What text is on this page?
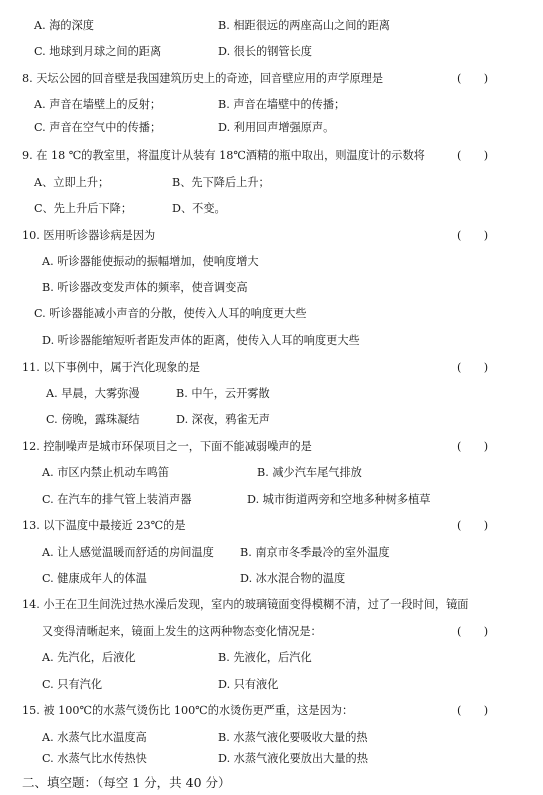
A. 海的深度	B. 相距很远的两座高山之间的距离
C. 地球到月球之间的距离	D. 很长的钢管长度
8. 天坛公园的回音壁是我国建筑历史上的奇迹，回音壁应用的声学原理是	(　　)
A. 声音在墙壁上的反射；	B. 声音在墙壁中的传播；
C. 声音在空气中的传播；	D. 利用回声增强原声。
9. 在 18 ℃的教室里，将温度计从装有 18℃酒精的瓶中取出，则温度计的示数将	(　　)
A、立即上升；	B、先下降后上升；
C、先上升后下降；	D、不变。
10. 医用听诊器诊病是因为	(　　)
A. 听诊器能使振动的振幅增加，使响度增大
B. 听诊器改变发声体的频率，使音调变高
C. 听诊器能减小声音的分散，使传入人耳的响度更大些
D. 听诊器能缩短听者距发声体的距离，使传入人耳的响度更大些
11. 以下事例中，属于汽化现象的是	(　　)
A. 早晨，大雾弥漫	B. 中午，云开雾散
C. 傍晚，露珠凝结	D. 深夜，鸦雀无声
12. 控制噪声是城市环保项目之一，下面不能减弱噪声的是	(　　)
A. 市区内禁止机动车鸣笛	B. 减少汽车尾气排放
C. 在汽车的排气管上装消声器	D. 城市街道两旁和空地多种树多植草
13. 以下温度中最接近 23℃的是	(　　)
A. 让人感觉温暖而舒适的房间温度 B. 南京市冬季最冷的室外温度
C. 健康成年人的体温	D. 冰水混合物的温度
14. 小王在卫生间洗过热水澡后发现，室内的玻璃镜面变得模糊不清，过了一段时间，镜面
又变得清晰起来，镜面上发生的这两种物态变化情况是：	(　　)
A. 先汽化，后液化	B. 先液化，后汽化
C. 只有汽化	D. 只有液化
15. 被 100℃的水蒸气烫伤比 100℃的水烫伤更严重，这是因为：	(　　)
A. 水蒸气比水温度高	B. 水蒸气液化要吸收大量的热
C. 水蒸气比水传热快	D. 水蒸气液化要放出大量的热
二、填空题：（每空 1 分，共 40 分）
